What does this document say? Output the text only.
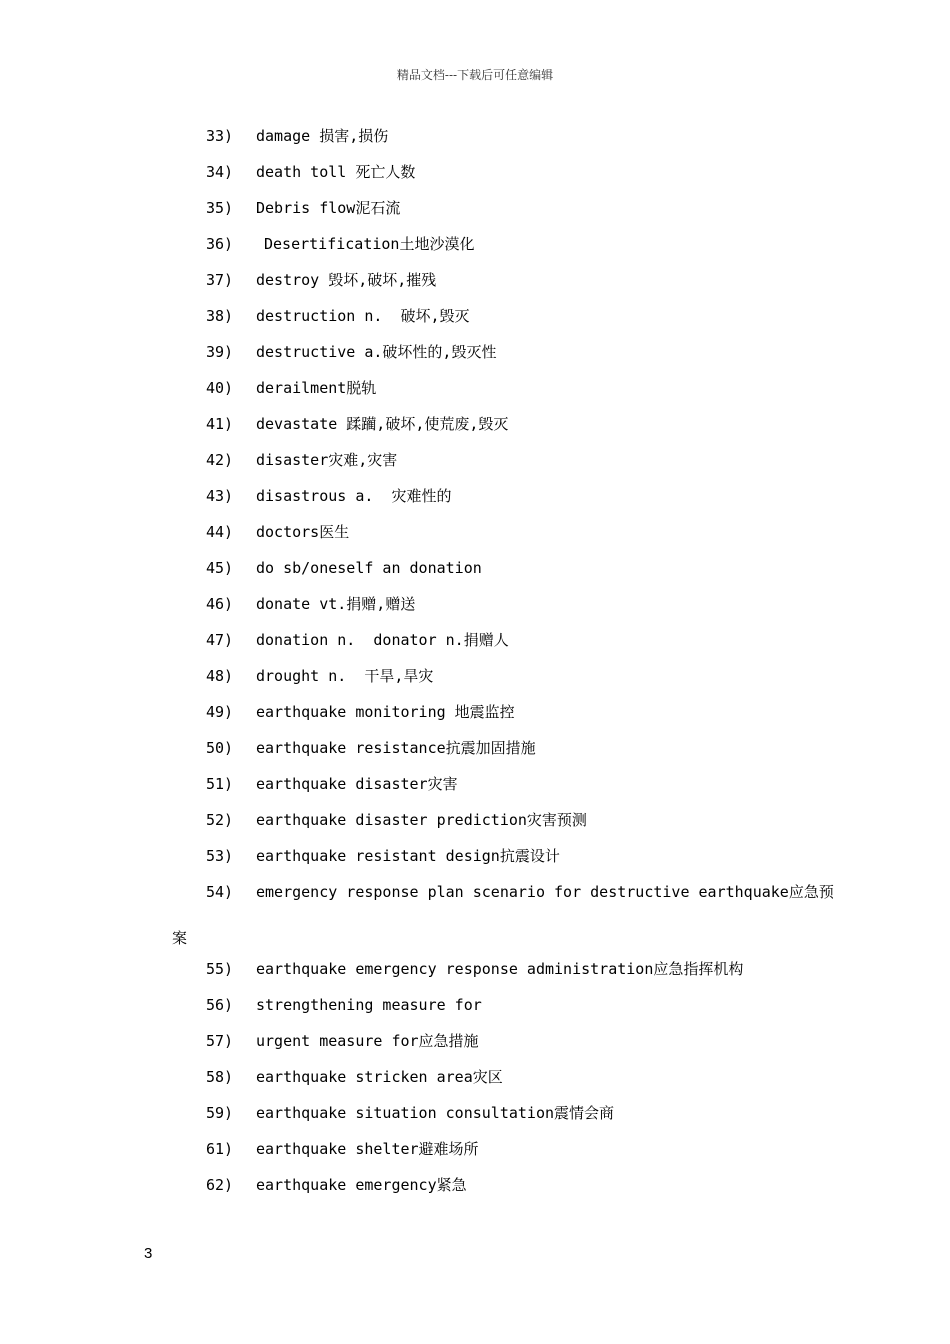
精品文档---下载后可任意编辑
33) damage 损害,损伤
34) death toll 死亡人数
35) Debris flow泥石流
36) Desertification土地沙漠化
37) destroy 毁坏,破坏,摧残
38) destruction n.  破坏,毁灭
39) destructive a.破坏性的,毁灭性
40) derailment脱轨
41) devastate 蹂躏,破坏,使荒废,毁灭
42) disaster灾难,灾害
43) disastrous a.  灾难性的
44) doctors医生
45) do sb/oneself an donation
46) donate vt.捐赠,赠送
47) donation n.  donator n.捐赠人
48) drought n.  干旱,旱灾
49) earthquake monitoring 地震监控
50) earthquake resistance抗震加固措施
51) earthquake disaster灾害
52) earthquake disaster prediction灾害预测
53) earthquake resistant design抗震设计
54) emergency response plan scenario for destructive earthquake应急预
案
55) earthquake emergency response administration应急指挥机构
56) strengthening measure for
57) urgent measure for应急措施
58) earthquake stricken area灾区
59) earthquake situation consultation震情会商
61) earthquake shelter避难场所
62) earthquake emergency紧急
3
